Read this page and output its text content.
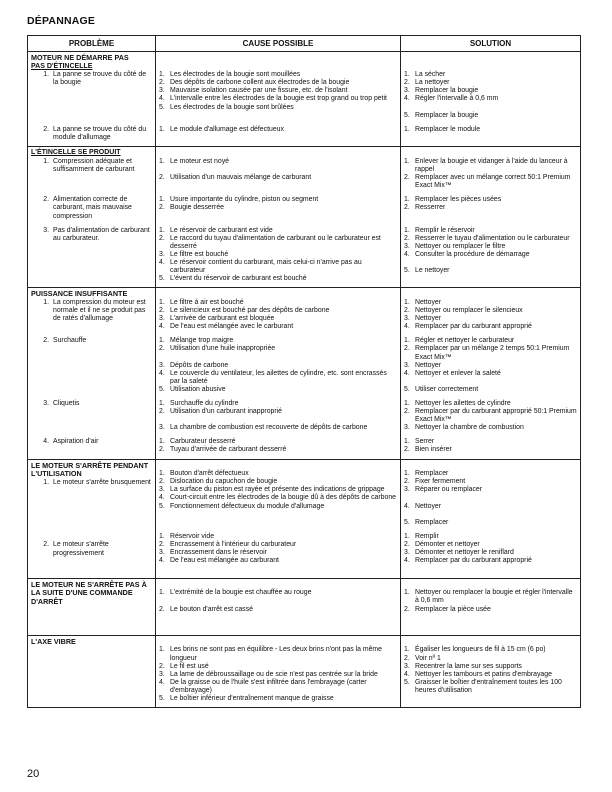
DÉPANNAGE
PROBLÈME	CAUSE POSSIBLE	SOLUTION
MOTEUR NE DÉMARRE PAS
PAS D'ÉTINCELLE
1. La panne se trouve du côté de la bougie
2. La panne se trouve du côté du module d'allumage
1. Les électrodes de la bougie sont mouillées
2. Des dépôts de carbone collent aux électrodes de la bougie
3. Mauvaise isolation causée par une fissure, etc. de l'isolant
4. L'intervalle entre les électrodes de la bougie est trop grand ou trop petit
5. Les électrodes de la bougie sont brûlées
1. Le module d'allumage est défectueux
1. La sécher
2. La nettoyer
3. Remplacer la bougie
4. Régler l'intervalle à 0,6 mm

5. Remplacer la bougie
1. Remplacer le module
L'ÉTINCELLE SE PRODUIT
1. Compression adéquate et suffisamment de carburant
2. Alimentation correcte de carburant, mais mauvaise compression
3. Pas d'alimentation de carburant au carburateur.
1. Le moteur est noyé

2. Utilisation d'un mauvais mélange de carburant
1. Usure importante du cylindre, piston ou segment
2. Bougie desserrée
1. Le réservoir de carburant est vide
2. Le raccord du tuyau d'alimentation de carburant ou le carburateur est desserré
3. Le filtre est bouché
4. Le réservoir contient du carburant, mais celui-ci n'arrive pas au carburateur
5. L'évent du réservoir de carburant est bouché
1. Enlever la bougie et vidanger à l'aide du lanceur à rappel
2. Remplacer avec un mélange correct 50:1 Premium Exact Mix™
1. Remplacer les pièces usées
2. Resserrer
1. Remplir le réservoir
2. Resserrer le tuyau d'alimentation ou le carburateur
3. Nettoyer ou remplacer le filtre
4. Consulter la procédure de démarrage

5. Le nettoyer
PUISSANCE INSUFFISANTE
1. La compression du moteur est normale et il ne se produit pas de ratés d'allumage
2. Surchauffe
3. Cliquetis
4. Aspiration d'air
1. Le filtre à air est bouché
2. Le silencieux est bouché par des dépôts de carbone
3. L'arrivée de carburant est bloquée
4. De l'eau est mélangée avec le carburant
1. Mélange trop maigre
2. Utilisation d'une huile inappropriée

3. Dépôts de carbone
4. Le couvercle du ventilateur, les ailettes de cylindre, etc. sont encrassés par la saleté
5. Utilisation abusive
1. Surchauffe du cylindre
2. Utilisation d'un carburant inapproprié

3. La chambre de combustion est recouverte de dépôts de carbone
1. Carburateur desserré
2. Tuyau d'arrivée de carburant desserré
1. Nettoyer
2. Nettoyer ou remplacer le silencieux
3. Nettoyer
4. Remplacer par du carburant approprié
1. Régler et nettoyer le carburateur
2. Remplacer par un mélange 2 temps 50:1 Premium Exact Mix™
3. Nettoyer
4. Nettoyer et enlever la saleté

5. Utiliser correctement
1. Nettoyer les ailettes de cylindre
2. Remplacer par du carburant approprié 50:1 Premium Exact Mix™
3. Nettoyer la chambre de combustion
1. Serrer
2. Bien insérer
LE MOTEUR S'ARRÊTE PENDANT L'UTILISATION
1. Le moteur s'arrête brusquement
2. Le moteur s'arrête progressivement
1. Bouton d'arrêt défectueux
2. Dislocation du capuchon de bougie
3. La surface du piston est rayée et présente des indications de grippage
4. Court-circuit entre les électrodes de la bougie dû à des dépôts de carbone
5. Fonctionnement défectueux du module d'allumage
1. Réservoir vide
2. Encrassement à l'intérieur du carburateur
3. Encrassement dans le réservoir
4. De l'eau est mélangée au carburant
1. Remplacer
2. Fixer fermement
3. Réparer ou remplacer

4. Nettoyer

5. Remplacer
1. Remplir
2. Démonter et nettoyer
3. Démonter et nettoyer le reniflard
4. Remplacer par du carburant approprié
LE MOTEUR NE S'ARRÊTE PAS À LA SUITE D'UNE COMMANDE D'ARRÊT
1. L'extrémité de la bougie est chauffée au rouge

2. Le bouton d'arrêt est cassé
1. Nettoyer ou remplacer la bougie et régler l'intervalle à 0,6 mm
2. Remplacer la pièce usée
L'AXE VIBRE
1. Les brins ne sont pas en équilibre - Les deux brins n'ont pas la même longueur
2. Le fil est usé
3. La lame de débroussaillage ou de scie n'est pas centrée sur la bride
4. De la graisse ou de l'huile s'est infiltrée dans l'embrayage (carter d'embrayage)
5. Le boîtier inférieur d'entraînement manque de graisse
1. Égaliser les longueurs de fil à 15 cm (6 po)
2. Voir nº 1
3. Recentrer la lame sur ses supports
4. Nettoyer les tambours et patins d'embrayage
5. Graisser le boîtier d'entraînement toutes les 100 heures d'utilisation
20
